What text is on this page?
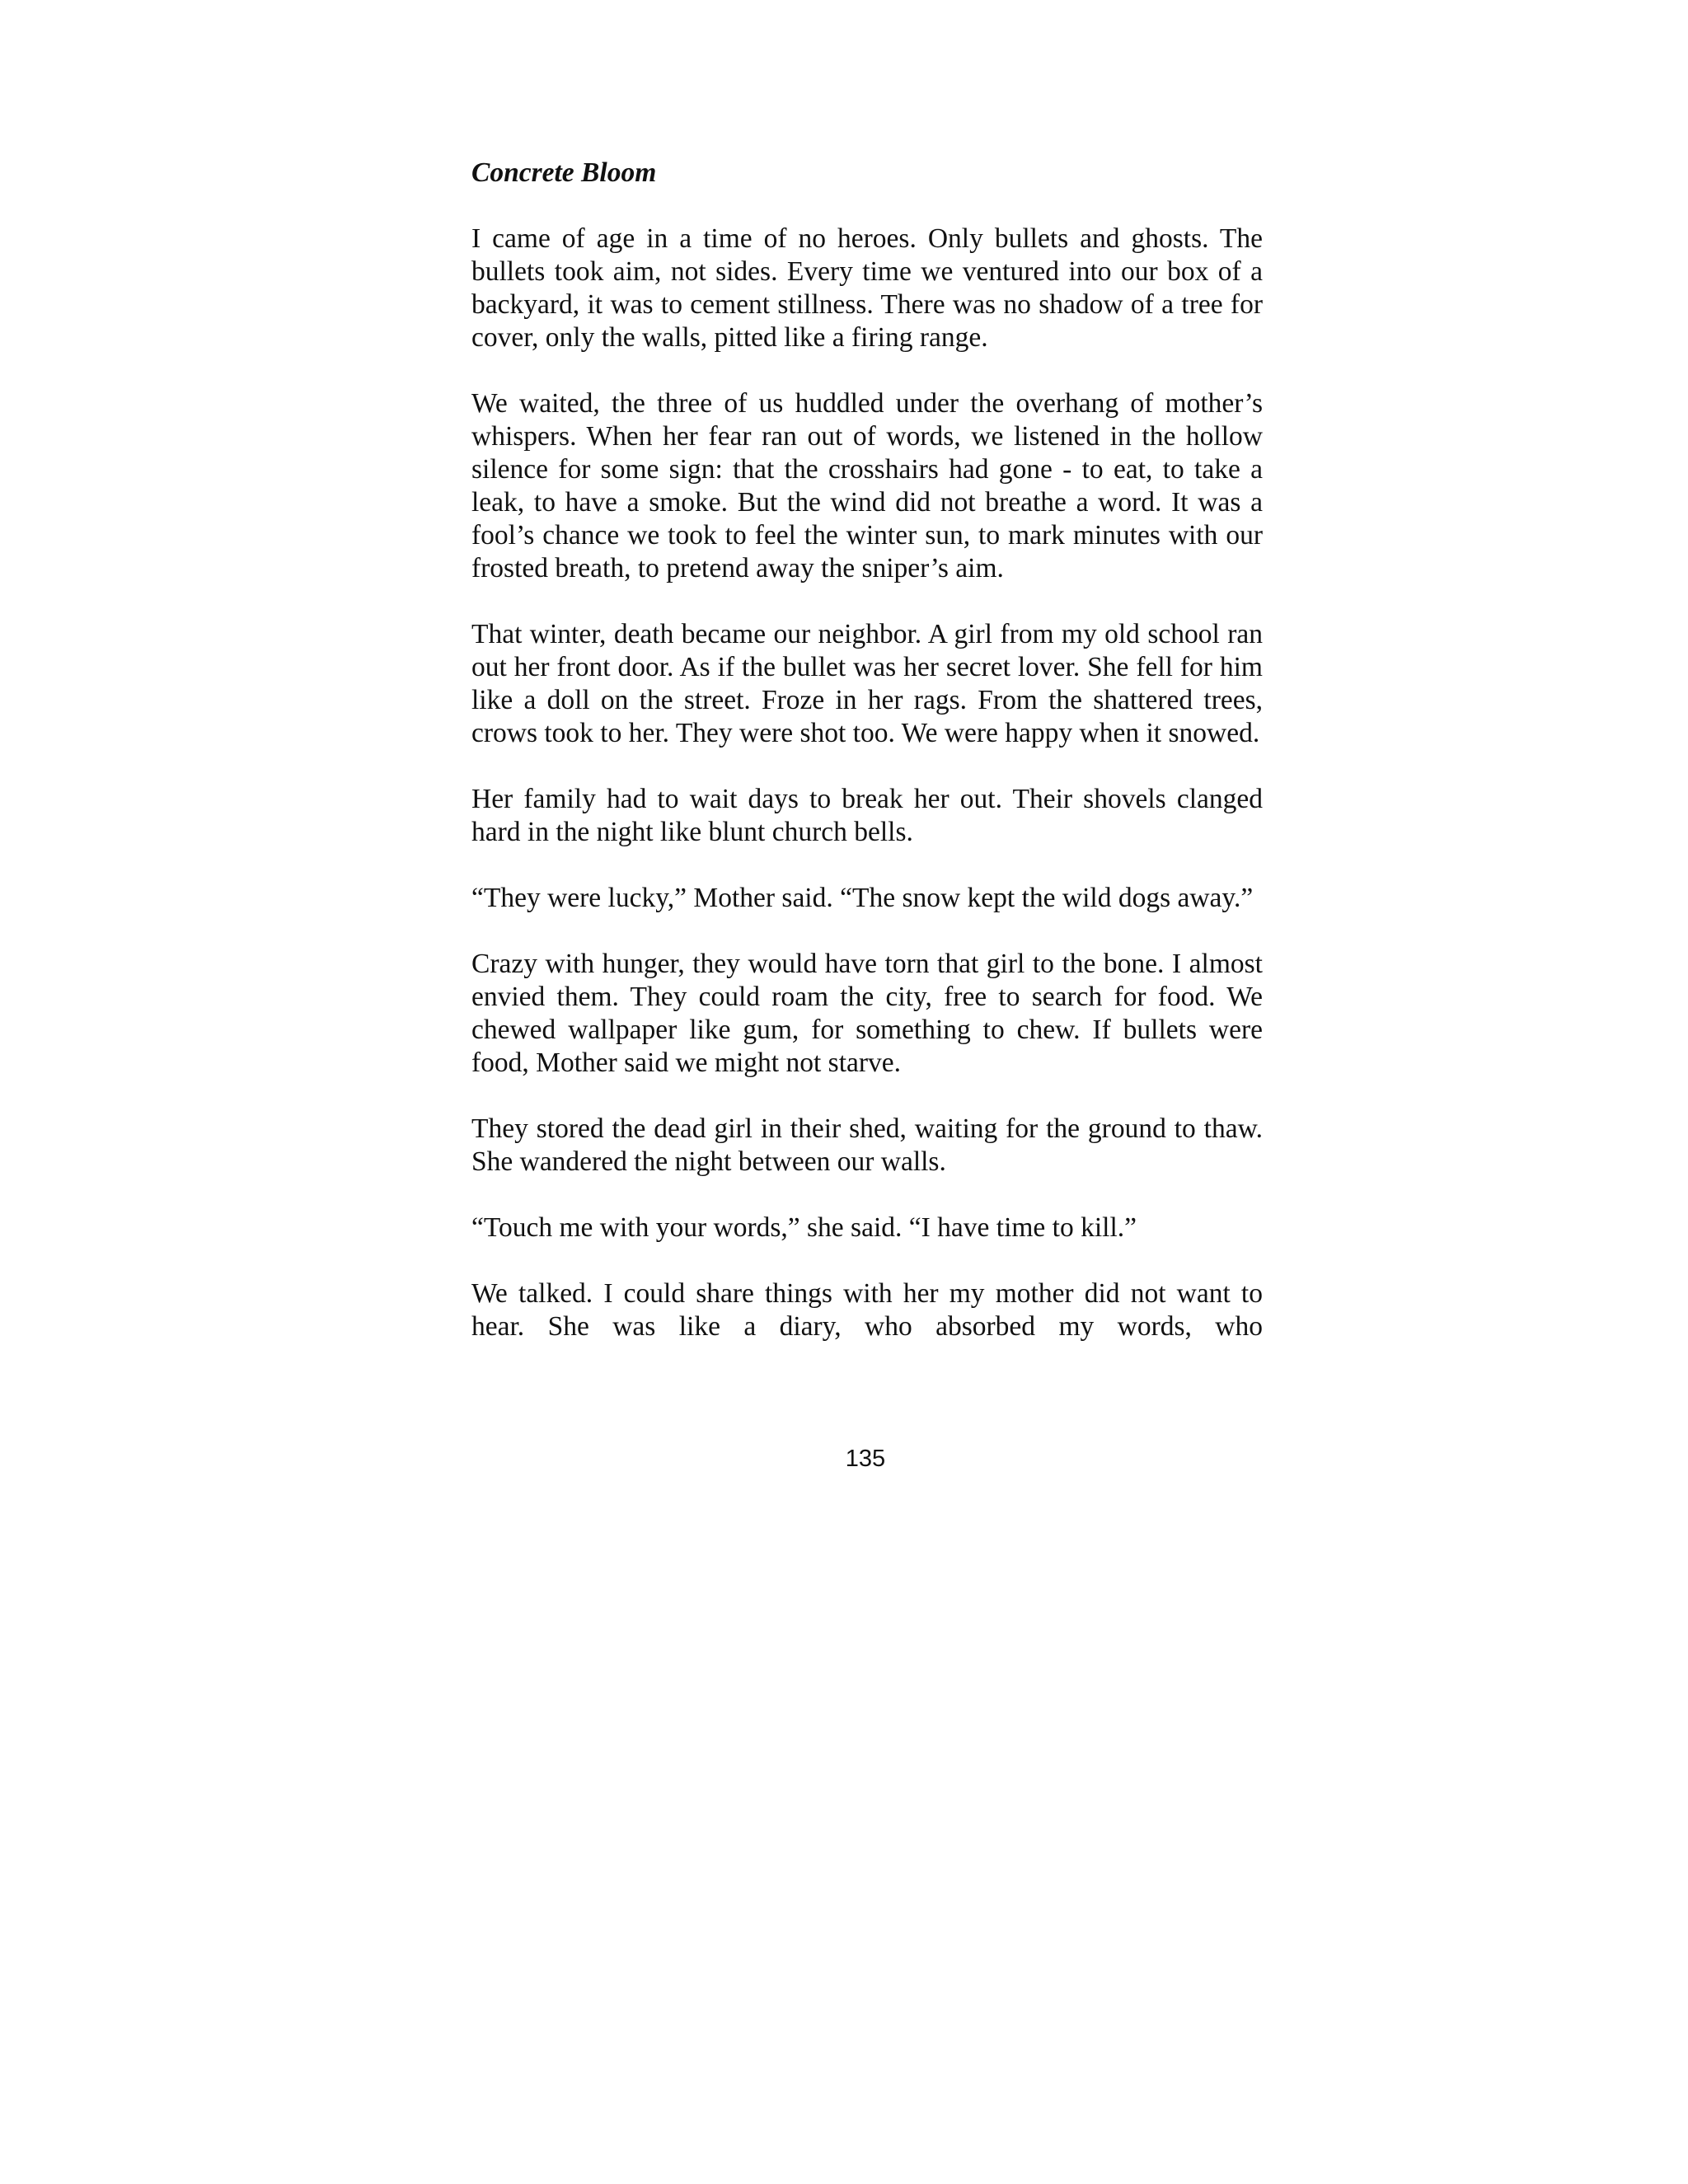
Concrete Bloom

I came of age in a time of no heroes. Only bullets and ghosts. The bullets took aim, not sides. Every time we ventured into our box of a backyard, it was to cement stillness. There was no shadow of a tree for cover, only the walls, pitted like a firing range.

We waited, the three of us huddled under the overhang of mother’s whispers. When her fear ran out of words, we listened in the hollow silence for some sign: that the crosshairs had gone - to eat, to take a leak, to have a smoke. But the wind did not breathe a word. It was a fool’s chance we took to feel the winter sun, to mark minutes with our frosted breath, to pretend away the sniper’s aim.

That winter, death became our neighbor. A girl from my old school ran out her front door. As if the bullet was her secret lover. She fell for him like a doll on the street. Froze in her rags. From the shattered trees, crows took to her. They were shot too. We were happy when it snowed.

Her family had to wait days to break her out. Their shovels clanged hard in the night like blunt church bells.

“They were lucky,” Mother said. “The snow kept the wild dogs away.”

Crazy with hunger, they would have torn that girl to the bone. I almost envied them. They could roam the city, free to search for food. We chewed wallpaper like gum, for something to chew. If bullets were food, Mother said we might not starve.

They stored the dead girl in their shed, waiting for the ground to thaw. She wandered the night between our walls.

“Touch me with your words,” she said. “I have time to kill.”

We talked. I could share things with her my mother did not want to hear. She was like a diary, who absorbed my words, who

135
